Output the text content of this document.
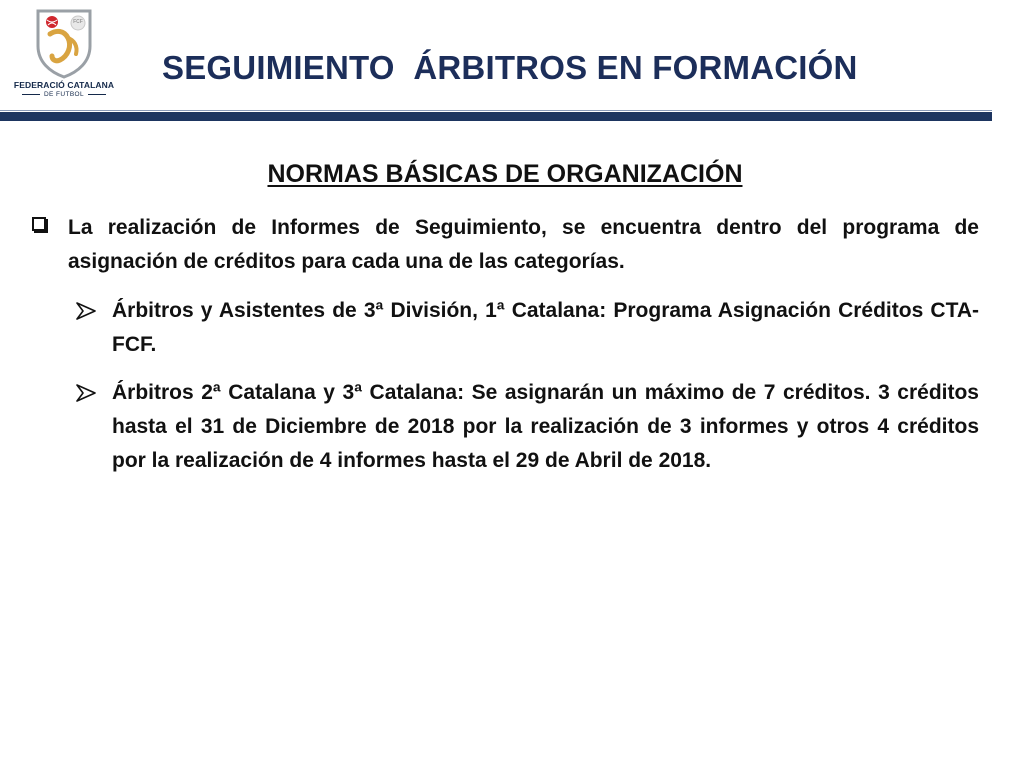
FCF
FEDERACIÓ CATALANA
DE FUTBOL
SEGUIMIENTO  ÁRBITROS EN FORMACIÓN
NORMAS BÁSICAS DE ORGANIZACIÓN
La realización de Informes de Seguimiento, se encuentra dentro del programa de asignación de créditos para cada una de las categorías.
Árbitros y Asistentes de 3ª División, 1ª Catalana: Programa Asignación Créditos CTA-FCF.
Árbitros 2ª Catalana y 3ª Catalana: Se asignarán un máximo de 7 créditos. 3 créditos hasta el 31 de Diciembre de 2018 por la realización de 3 informes y otros 4 créditos por la realización de 4 informes hasta el 29 de Abril de 2018.
